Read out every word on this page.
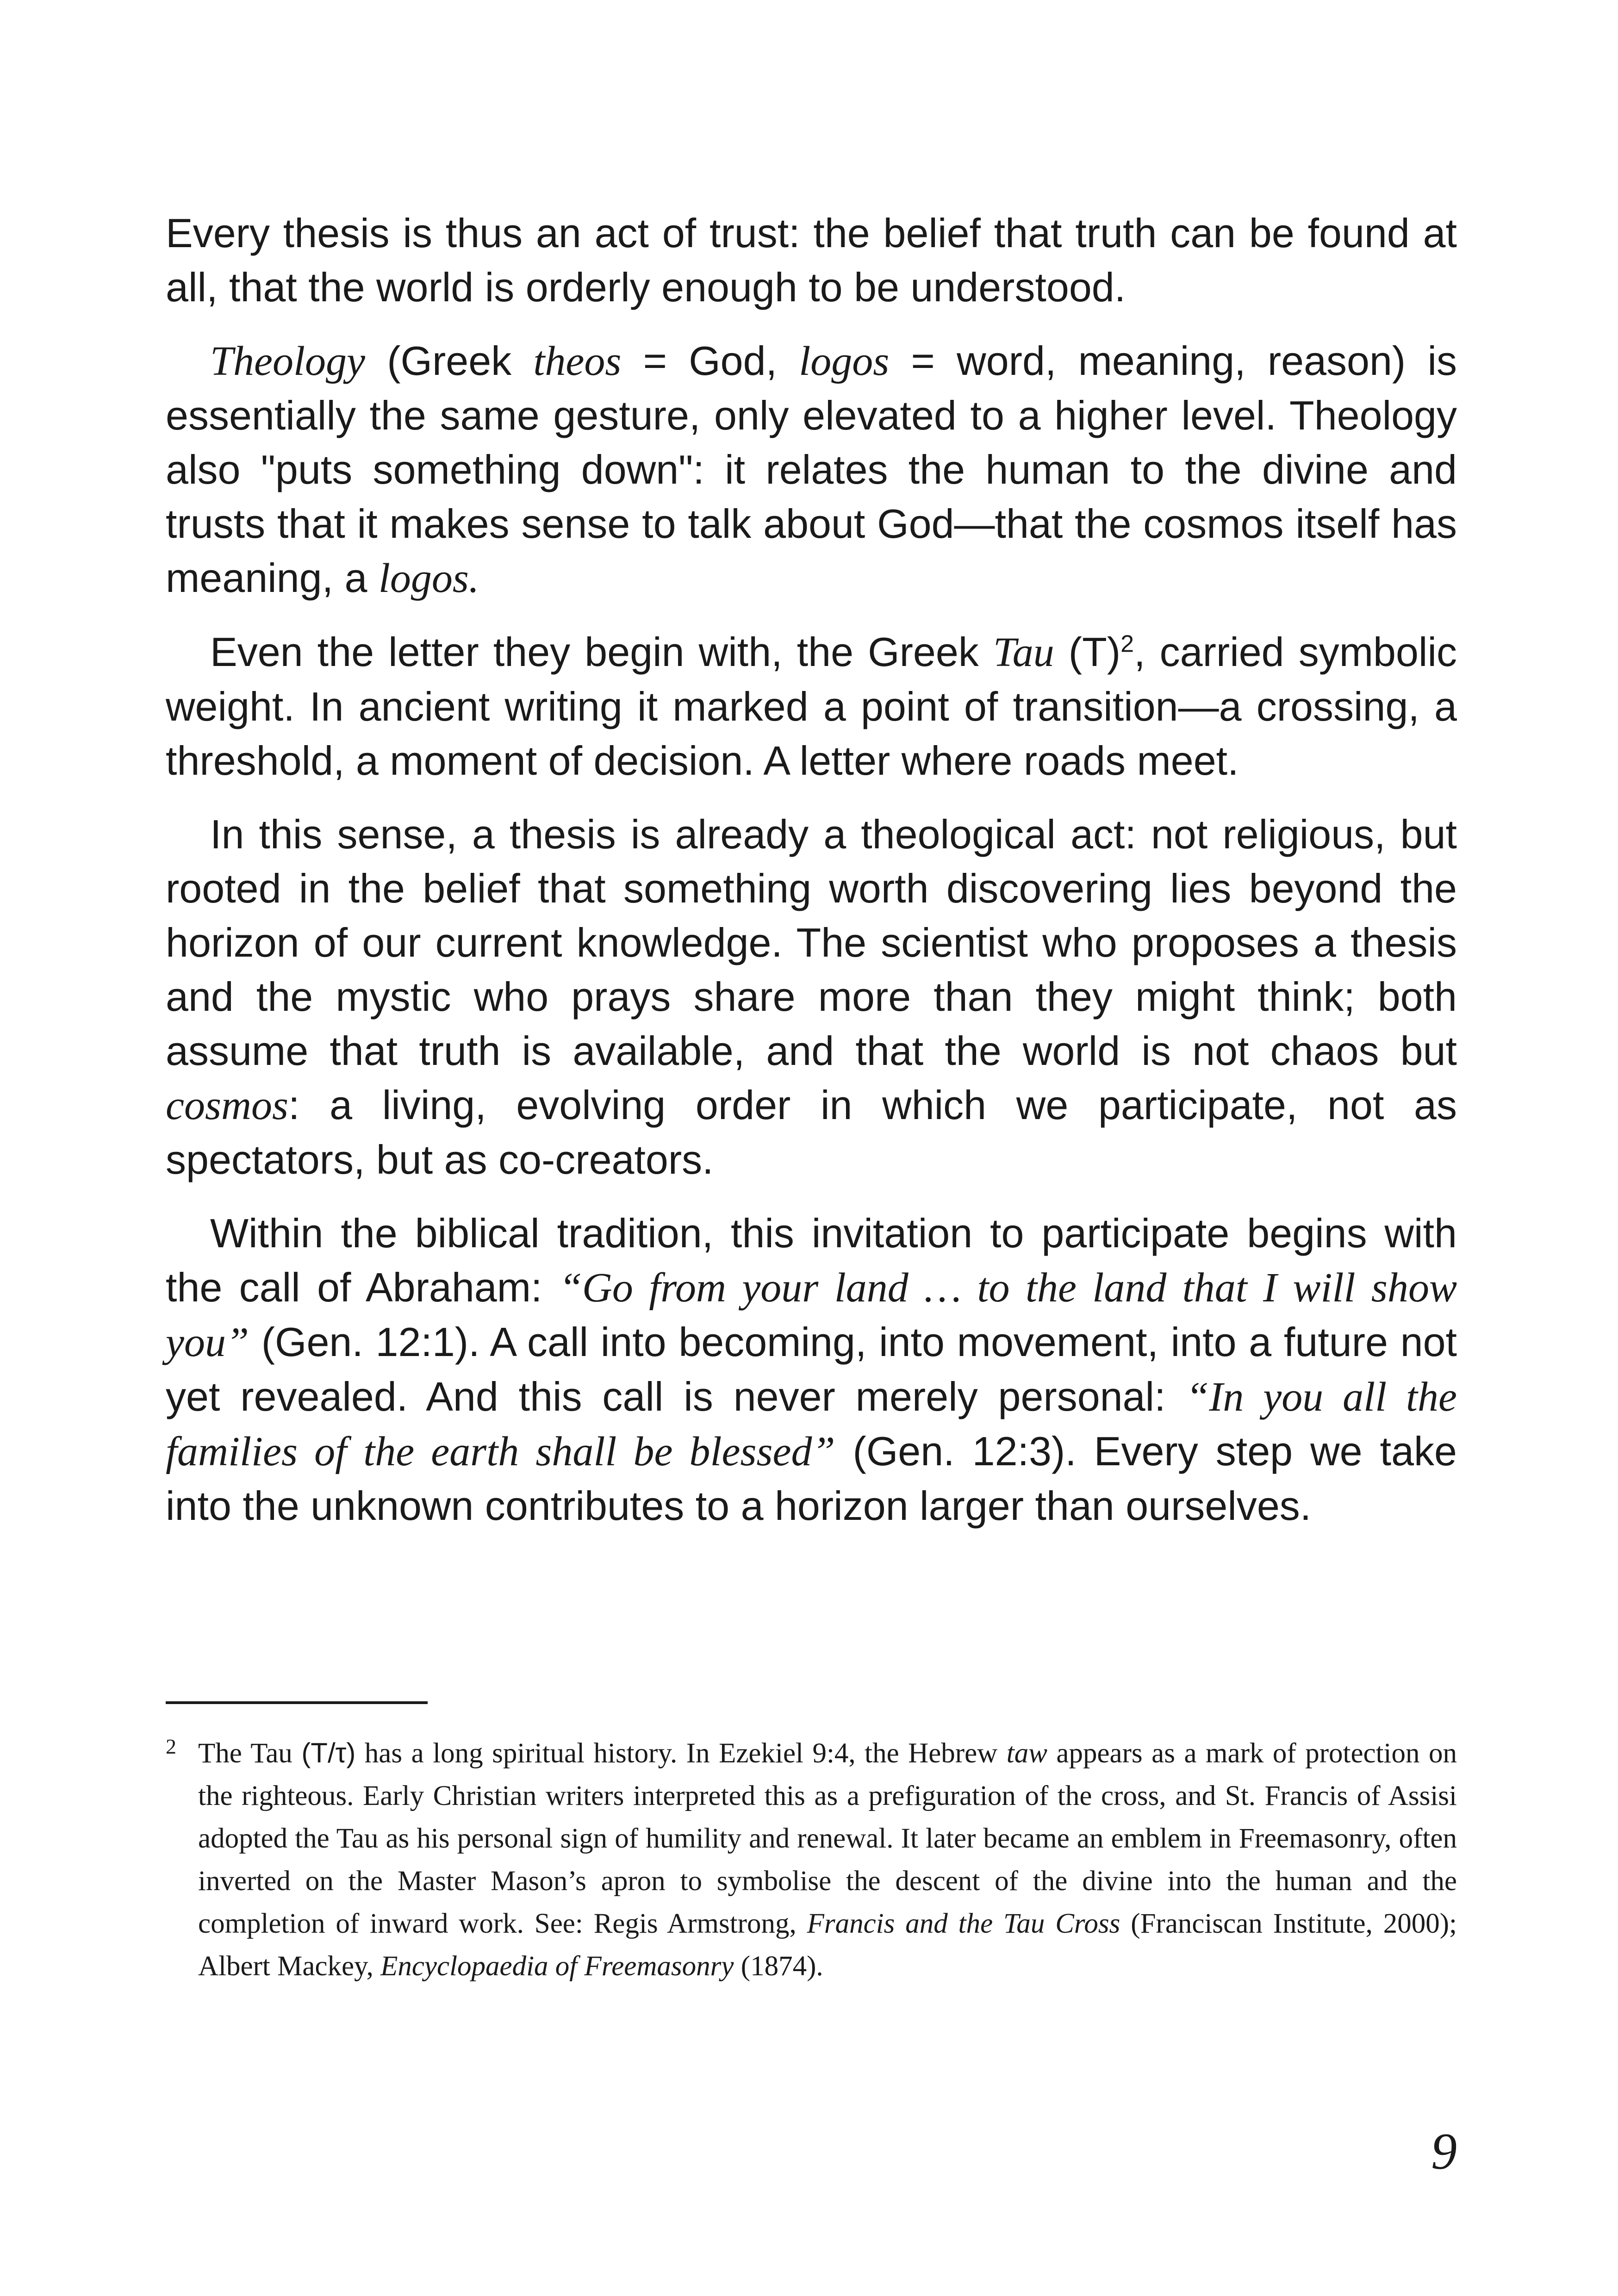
Every thesis is thus an act of trust: the belief that truth can be found at all, that the world is orderly enough to be understood.

Theology (Greek theos = God, logos = word, meaning, reason) is essentially the same gesture, only elevated to a higher level. Theology also "puts something down": it relates the human to the divine and trusts that it makes sense to talk about God—that the cosmos itself has meaning, a logos.

Even the letter they begin with, the Greek Tau $(T)^2$, carried symbolic weight. In ancient writing it marked a point of transition—a crossing, a threshold, a moment of decision. A letter where roads meet.

In this sense, a thesis is already a theological act: not religious, but rooted in the belief that something worth discovering lies beyond the horizon of our current knowledge. The scientist who proposes a thesis and the mystic who prays share more than they might think; both assume that truth is available, and that the world is not chaos but cosmos: a living, evolving order in which we participate, not as spectators, but as co-creators.

Within the biblical tradition, this invitation to participate begins with the call of Abraham: “Go from your land … to the land that I will show you” (Gen. 12:1). A call into becoming, into movement, into a future not yet revealed. And this call is never merely personal: “In you all the families of the earth shall be blessed” (Gen. 12:3). Every step we take into the unknown contributes to a horizon larger than ourselves.

2 The Tau (T/τ) has a long spiritual history. In Ezekiel 9:4, the Hebrew taw appears as a mark of protection on the righteous. Early Christian writers interpreted this as a prefiguration of the cross, and St. Francis of Assisi adopted the Tau as his personal sign of humility and renewal. It later became an emblem in Freemasonry, often inverted on the Master Mason’s apron to symbolise the descent of the divine into the human and the completion of inward work. See: Regis Armstrong, Francis and the Tau Cross (Franciscan Institute, 2000); Albert Mackey, Encyclopaedia of Freemasonry (1874).
9
